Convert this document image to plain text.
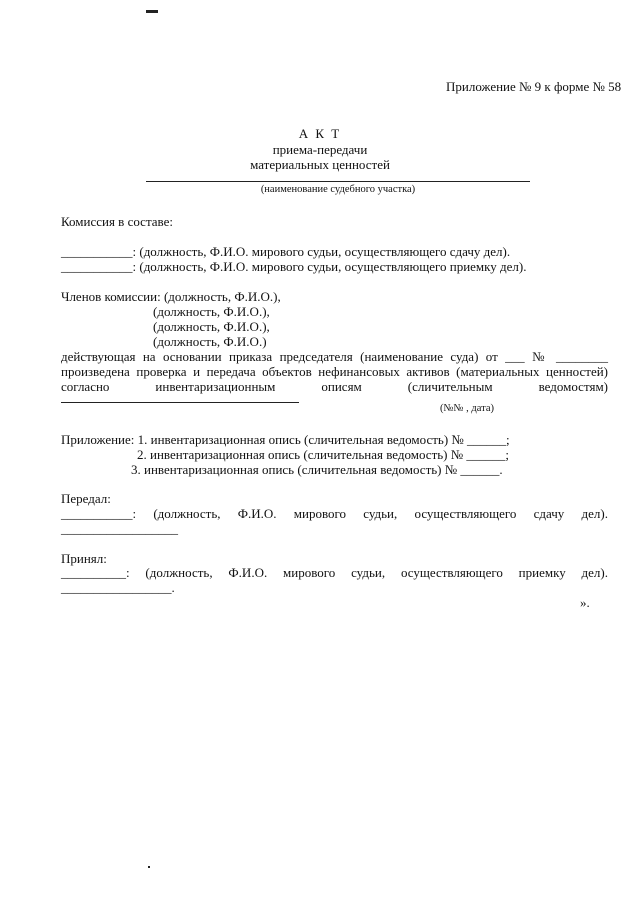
Приложение № 9 к форме № 58
А К Т
приема-передачи
материальных ценностей
(наименование судебного участка)
Комиссия в составе:
___________: (должность, Ф.И.О. мирового судьи, осуществляющего сдачу дел).
___________: (должность, Ф.И.О. мирового судьи, осуществляющего приемку дел).
Членов комиссии: (должность, Ф.И.О.),
(должность, Ф.И.О.),
(должность, Ф.И.О.),
(должность, Ф.И.О.)
действующая на основании приказа председателя (наименование суда) от ___ № ________
произведена проверка и передача объектов нефинансовых активов (материальных ценностей)
согласно инвентаризационным описям (сличительным ведомостям)
(№№ , дата)
Приложение: 1. инвентаризационная опись (сличительная ведомость) № ______;
2. инвентаризационная опись (сличительная ведомость) № ______;
3. инвентаризационная опись (сличительная ведомость) № ______.
Передал:
___________: (должность, Ф.И.О. мирового судьи, осуществляющего сдачу дел).
__________________
Принял:
__________: (должность, Ф.И.О. мирового судьи, осуществляющего приемку дел).
_________________.
».
